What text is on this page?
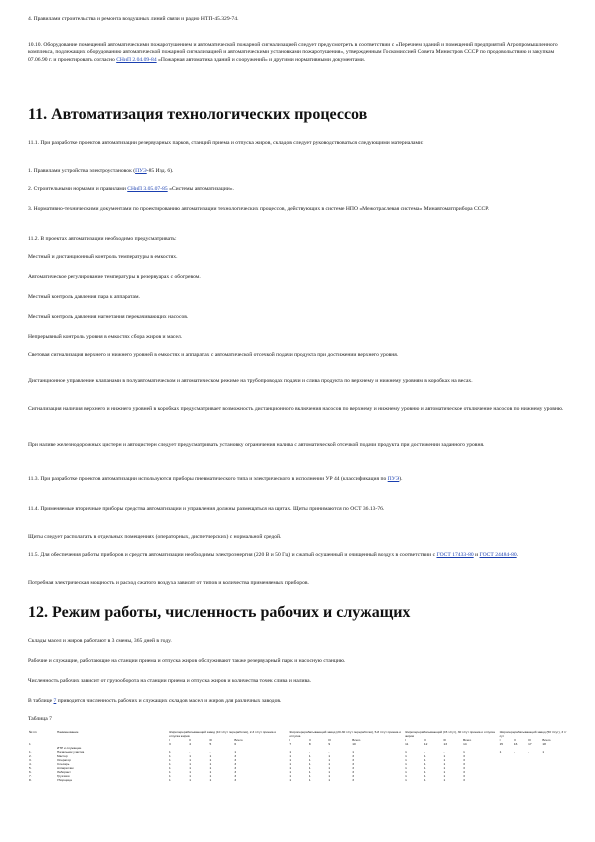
4. Правилами строительства и ремонта воздушных линий связи и радио НТП-45.329-74.

10.10. Оборудование помещений автоматическими пожаротушением и автоматической пожарной сигнализацией следует предусмотреть в соответствии с «Перечнем зданий и помещений предприятий Агропромышленного комплекса, подлежащих оборудованию автоматической пожарной сигнализацией и автоматическими установками пожаротушения», утвержденным Госкомиссией Совета Министров СССР по продовольствию и закупкам 07.06.90 г. и проектировать согласно СНиП 2.04.09-84 «Пожарная автоматика зданий и сооружений» и другими нормативными документами.

11. Автоматизация технологических процессов

11.1. При разработке проектов автоматизации резервуарных парков, станций приема и отпуска жиров, складов следует руководствоваться следующими материалами:

1. Правилами устройства электроустановок (ПУЭ-85 Изд. 6).

2. Строительными нормами и правилами СНиП 3.05.07-85 «Системы автоматизации».

3. Нормативно-техническими документами по проектированию автоматизации технологических процессов, действующих в системе НПО «Межотраслевая система» Минавтоматприбора СССР.

11.2. В проектах автоматизации необходимо предусматривать:

Местный и дистанционный контроль температуры в емкостях.

Автоматическое регулирование температуры в резервуарах с обогревом.

Местный контроль давления пара к аппаратам.

Местный контроль давления нагнетания перекачивающих насосов.

Непрерывный контроль уровня в емкостях сбора жиров и масел.

Световая сигнализация верхнего и нижнего уровней в емкостях и аппаратах с автоматической отсечкой подачи продукта при достижении верхнего уровня.

Дистанционное управление клапанами в полуавтоматическом и автоматическом режиме на трубопроводах подачи и слива продукта по верхнему и нижнему уровням в коробках на весах.

Сигнализация наличия верхнего и нижнего уровней в коробках предусматривает возможность дистанционного включения насосов по верхнему и нижнему уровню и автоматическое отключение насосов по нижнему уровню.

При наливе железнодорожных цистерн и автоцистерн следует предусматривать установку ограничения налива с автоматической отсечкой подачи продукта при достижении заданного уровня.

11.3. При разработке проектов автоматизации используются приборы пневматического типа и электрического в исполнении УР 44 (классификация по ПУЭ).

11.4. Применяемые вторичные приборы средства автоматизации и управления должны размещаться на щитах. Щиты принимаются по ОСТ 36.13-76.

Щиты следует располагать в отдельных помещениях (операторных, диспетчерских) с нормальной средой.

11.5. Для обеспечения работы приборов и средств автоматизации необходимы электроэнергия (220 В и 50 Гц) и сжатый осушенный и очищенный воздух в соответствии с ГОСТ 17433-80 и ГОСТ 24484-80.

Потребная электрическая мощность и расход сжатого воздуха зависят от типов и количества применяемых приборов.

12. Режим работы, численность рабочих и служащих

Склады масел и жиров работают в 3 смены, 365 дней в году.

Рабочие и служащие, работающие на станции приема и отпуска жиров обслуживают также резервуарный парк и насосную станцию.

Численность рабочих зависит от грузооборота на станции приема и отпуска жиров и количества точек слива и налива.

В таблице 7 приводится численность рабочих и служащих складов масел и жиров для различных заводов.

Таблица 7

№ пп	Наименование	Жироперерабатывающий завод (10 т/сут переработки), 2-3 т/сут приема и отпуска жиров				Жироперерабатывающий завод (20-30 т/сут переработки), 5-8 т/сут приема и отпуска				Жироперерабатывающий (15 т/сут), 30 т/сут приема и отпуска жиров				Жироперерабатывающий завод (50 т/сут), 3 т/сут			
		I	II	III	Всего	I	II	III	Всего	I	II	III	Всего	I	II	III	Всего
1		3	4	5	6	7	8	9	10	11	12	13	14	15	16	17	18
	ИТР и служащие																
1.	Начальник участка	1	-	-	1	1	-	-	1	1	-	-	1	1	-	-	1
2.	Мастер	1	1	1	3	1	1	1	3	1	1	1	3				
3.	Оператор	1	1	1	3	1	1	1	3	1	1	1	3				
4.	Слесарь	1	1	1	3	1	1	1	3	1	1	1	3				
5.	Аппаратчик	1	1	1	3	1	1	1	3	1	1	1	3				
6.	Лаборант	1	1	1	3	1	1	1	3	1	1	1	3				
7.	Грузчики	1	1	1	3	1	1	1	3	1	1	1	3				
8.	Уборщица	1	1	1	3	1	1	1	3	1	1	1	3				
